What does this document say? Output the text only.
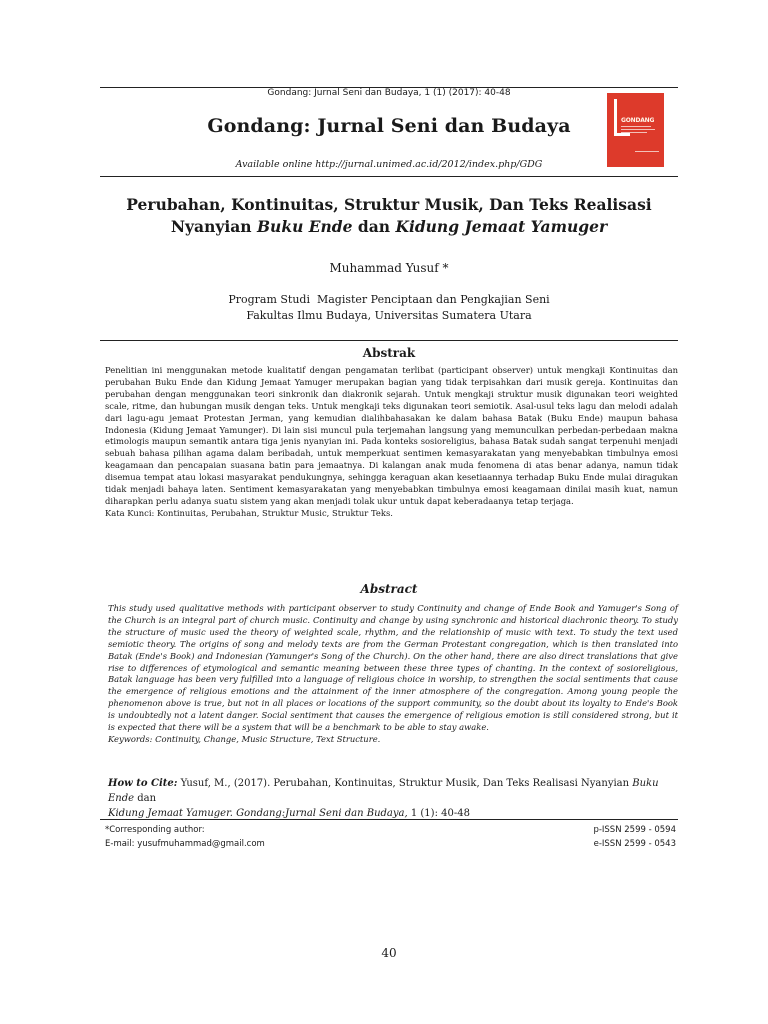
Gondang: Jurnal Seni dan Budaya, 1 (1) (2017): 40-48
Gondang: Jurnal Seni dan Budaya
Available online http://jurnal.unimed.ac.id/2012/index.php/GDG
GONDANG
Perubahan, Kontinuitas, Struktur Musik, Dan Teks Realisasi
Nyanyian Buku Ende dan Kidung Jemaat Yamuger
Muhammad Yusuf *
Program Studi  Magister Penciptaan dan Pengkajian Seni
Fakultas Ilmu Budaya, Universitas Sumatera Utara
Abstrak

Penelitian ini menggunakan metode kualitatif dengan pengamatan terlibat (participant observer) untuk mengkaji Kontinuitas dan perubahan Buku Ende dan Kidung Jemaat Yamuger merupakan bagian yang tidak terpisahkan dari musik gereja. Kontinuitas dan perubahan dengan menggunakan teori sinkronik dan diakronik sejarah. Untuk mengkaji struktur musik digunakan teori weighted scale, ritme, dan hubungan musik dengan teks. Untuk mengkaji teks digunakan teori semiotik. Asal-usul teks lagu dan melodi adalah dari lagu-agu jemaat Protestan Jerman, yang kemudian dialihbahasakan ke dalam bahasa Batak (Buku Ende) maupun bahasa Indonesia (Kidung Jemaat Yamunger). Di lain sisi muncul pula terjemahan langsung yang memunculkan perbedan-perbedaan makna etimologis maupun semantik antara tiga jenis nyanyian ini. Pada konteks sosioreligius, bahasa Batak sudah sangat terpenuhi menjadi sebuah bahasa pilihan agama dalam beribadah, untuk memperkuat sentimen kemasyarakatan yang menyebabkan timbulnya emosi keagamaan dan pencapaian suasana batin para jemaatnya. Di kalangan anak muda fenomena di atas benar adanya, namun tidak disemua tempat atau lokasi masyarakat pendukungnya, sehingga keraguan akan kesetiaannya terhadap Buku Ende mulai diragukan tidak menjadi bahaya laten. Sentiment kemasyarakatan yang menyebabkan timbulnya emosi keagamaan dinilai masih kuat, namun diharapkan perlu adanya suatu sistem yang akan menjadi tolak ukur untuk dapat keberadaanya tetap terjaga.

Kata Kunci: Kontinuitas, Perubahan, Struktur Music, Struktur Teks.

Abstract

This study used qualitative methods with participant observer to study Continuity and change of Ende Book and Yamuger's Song of the Church is an integral part of church music. Continuity and change by using synchronic and historical diachronic theory. To study the structure of music used the theory of weighted scale, rhythm, and the relationship of music with text. To study the text used semiotic theory. The origins of song and melody texts are from the German Protestant congregation, which is then translated into Batak (Ende's Book) and Indonesian (Yamunger's Song of the Church). On the other hand, there are also direct translations that give rise to differences of etymological and semantic meaning between these three types of chanting. In the context of sosioreligious, Batak language has been very fulfilled into a language of religious choice in worship, to strengthen the social sentiments that cause the emergence of religious emotions and the attainment of the inner atmosphere of the congregation. Among young people the phenomenon above is true, but not in all places or locations of the support community, so the doubt about its loyalty to Ende's Book is undoubtedly not a latent danger. Social sentiment that causes the emergence of religious emotion is still considered strong, but it is expected that there will be a system that will be a benchmark to be able to stay awake.

Keywords: Continuity, Change, Music Structure, Text Structure.

How to Cite: Yusuf, M., (2017). Perubahan, Kontinuitas, Struktur Musik, Dan Teks Realisasi Nyanyian Buku Ende dan
Kidung Jemaat Yamuger. Gondang:Jurnal Seni dan Budaya, 1 (1): 40-48
*Corresponding author:
E-mail: yusufmuhammad@gmail.com
p-ISSN 2599 - 0594
e-ISSN 2599 - 0543
40
